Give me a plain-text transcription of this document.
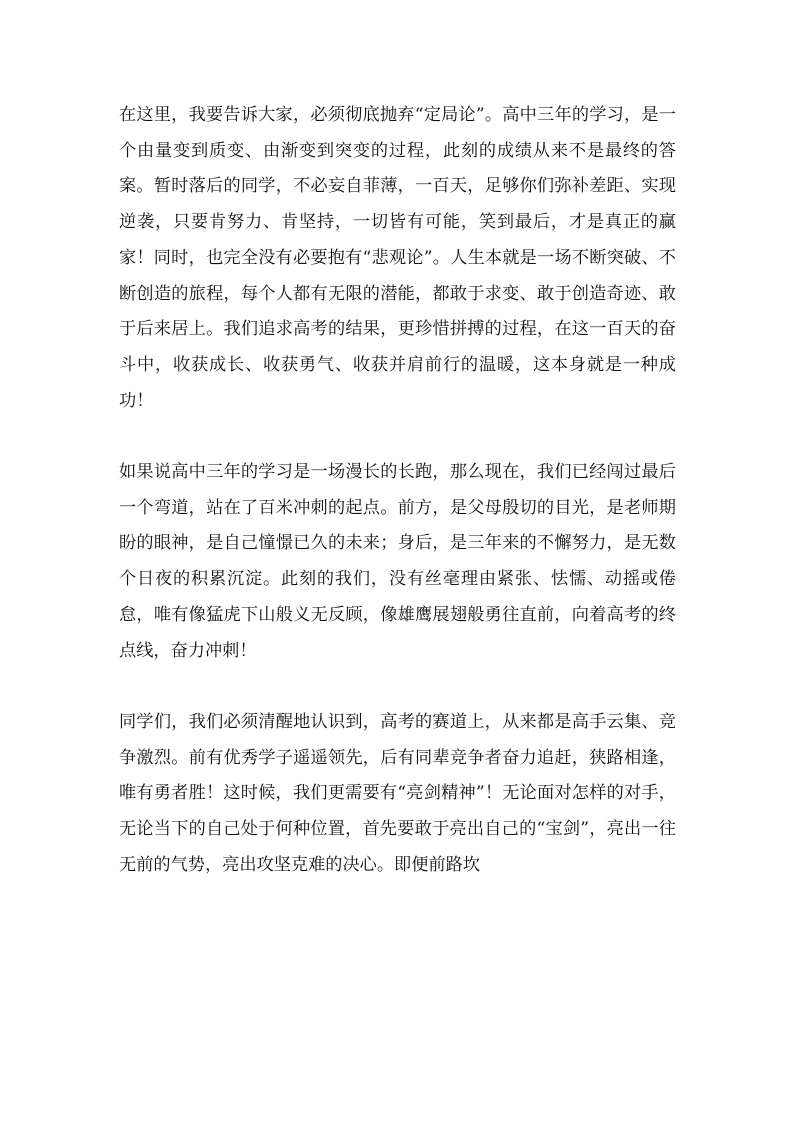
在这里，我要告诉大家，必须彻底抛弃“定局论”。高中三年的学习，是一个由量变到质变、由渐变到突变的过程，此刻的成绩从来不是最终的答案。暂时落后的同学，不必妄自菲薄，一百天，足够你们弥补差距、实现逆袭，只要肯努力、肯坚持，一切皆有可能，笑到最后，才是真正的赢家！同时，也完全没有必要抱有“悲观论”。人生本就是一场不断突破、不断创造的旅程，每个人都有无限的潜能，都敢于求变、敢于创造奇迹、敢于后来居上。我们追求高考的结果，更珍惜拼搏的过程，在这一百天的奋斗中，收获成长、收获勇气、收获并肩前行的温暖，这本身就是一种成功！

如果说高中三年的学习是一场漫长的长跑，那么现在，我们已经闯过最后一个弯道，站在了百米冲刺的起点。前方，是父母殷切的目光，是老师期盼的眼神，是自己憧憬已久的未来；身后，是三年来的不懈努力，是无数个日夜的积累沉淀。此刻的我们，没有丝毫理由紧张、怯懦、动摇或倦怠，唯有像猛虎下山般义无反顾，像雄鹰展翅般勇往直前，向着高考的终点线，奋力冲刺！

同学们，我们必须清醒地认识到，高考的赛道上，从来都是高手云集、竞争激烈。前有优秀学子遥遥领先，后有同辈竞争者奋力追赶，狭路相逢，唯有勇者胜！这时候，我们更需要有“亮剑精神”！无论面对怎样的对手，无论当下的自己处于何种位置，首先要敢于亮出自己的“宝剑”，亮出一往无前的气势，亮出攻坚克难的决心。即便前路坎
